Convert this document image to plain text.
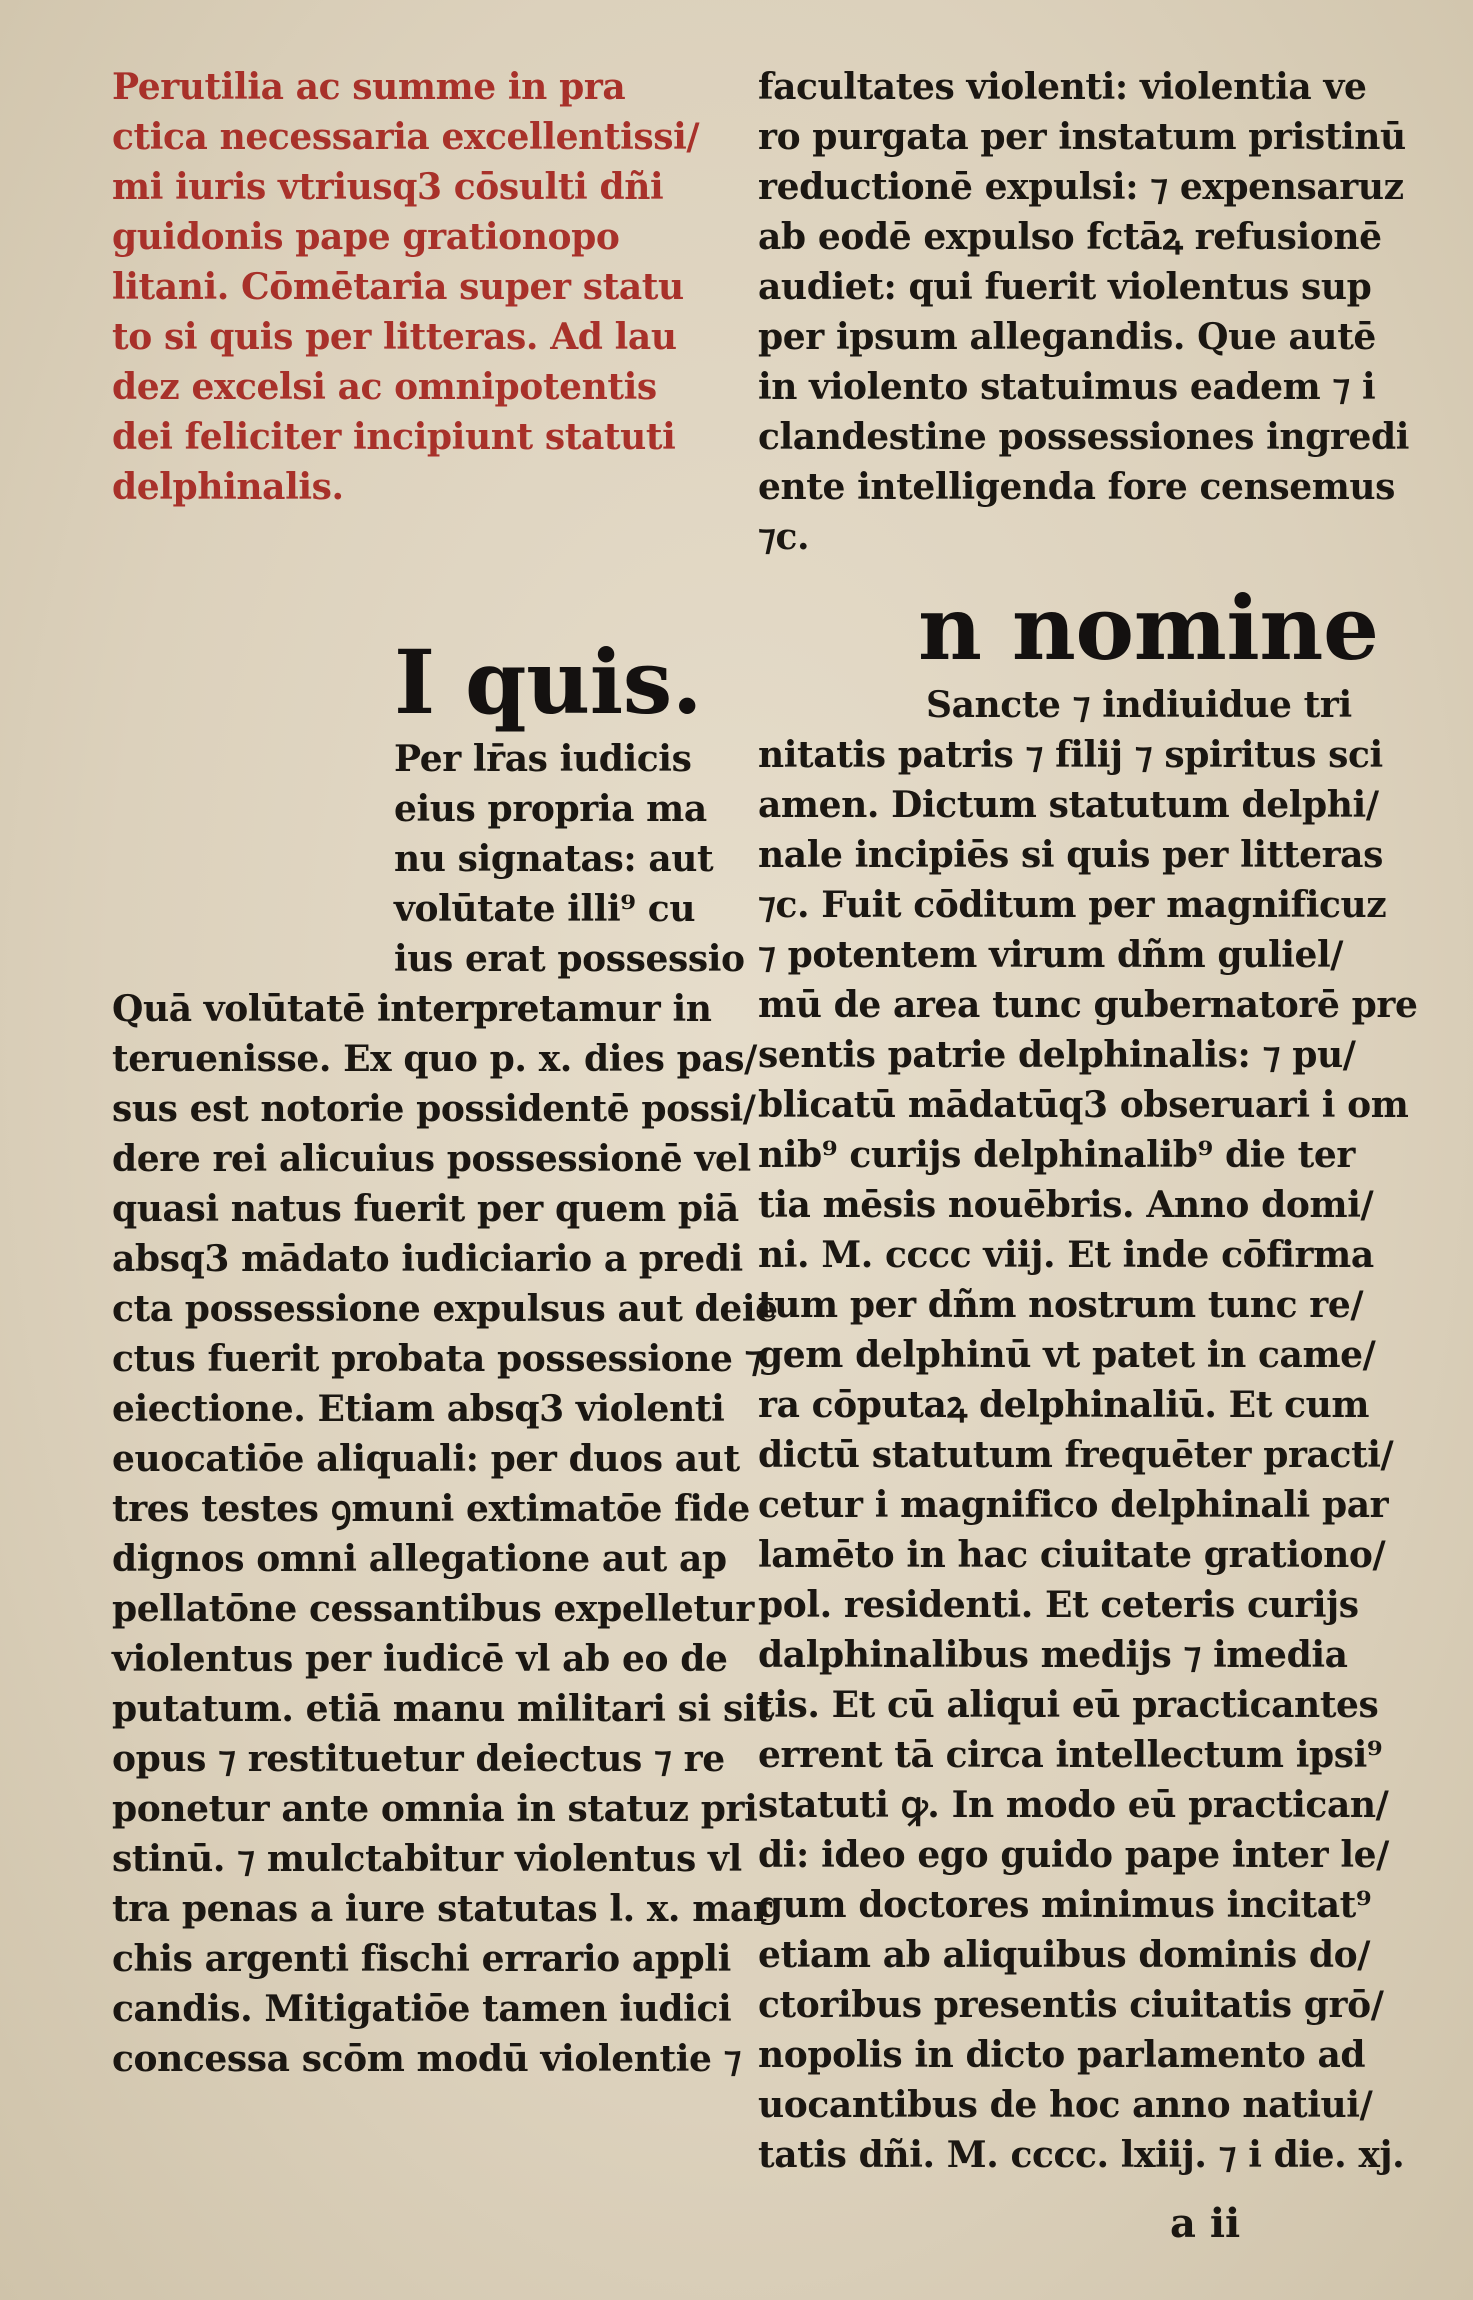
Perutilia ac summe in pra
ctica necessaria excellentissi/
mi iuris vtriusq3 cōsulti dñi
guidonis pape grationopo
litani. Cōmētaria super statu
to si quis per litteras. Ad lau
dez excelsi ac omnipotentis
dei feliciter incipiunt statuti
delphinalis.
I quis.
Per lr̄as iudicis
eius propria ma
nu signatas: aut
volūtate illi⁹ cu
ius erat possessio
Quā volūtatē interpretamur in
teruenisse. Ex quo p. x. dies pas/
sus est notorie possidentē possi/
dere rei alicuius possessionē vel
quasi natus fuerit per quem piā
absq3 mādato iudiciario a predi
cta possessione expulsus aut deie
ctus fuerit probata possessione ⁊
eiectione. Etiam absq3 violenti
euocatiōe aliquali: per duos aut
tres testes ꝯmuni extimatōe fide
dignos omni allegatione aut ap
pellatōne cessantibus expelletur
violentus per iudicē vl ab eo de
putatum. etiā manu militari si sit
opus ⁊ restituetur deiectus ⁊ re
ponetur ante omnia in statuz pri
stinū. ⁊ mulctabitur violentus vl
tra penas a iure statutas l. x. mar
chis argenti fischi errario appli
candis. Mitigatiōe tamen iudici
concessa scōm modū violentie ⁊
facultates violenti: violentia ve
ro purgata per instatum pristinū
reductionē expulsi: ⁊ expensaruz
ab eodē expulso fctāꝝ refusionē
audiet: qui fuerit violentus sup
per ipsum allegandis. Que autē
in violento statuimus eadem ⁊ i
clandestine possessiones ingredi
ente intelligenda fore censemus
⁊c.
n nomine
Sancte ⁊ indiuidue tri
nitatis patris ⁊ filij ⁊ spiritus sci
amen. Dictum statutum delphi/
nale incipiēs si quis per litteras
⁊c. Fuit cōditum per magnificuz
⁊ potentem virum dñm guliel/
mū de area tunc gubernatorē pre
sentis patrie delphinalis: ⁊ pu/
blicatū mādatūq3 obseruari i om
nib⁹ curijs delphinalib⁹ die ter
tia mēsis nouēbris. Anno domi/
ni. M. cccc viij. Et inde cōfirma
tum per dñm nostrum tunc re/
gem delphinū vt patet in came/
ra cōputaꝝ delphinaliū. Et cum
dictū statutum frequēter practi/
cetur i magnifico delphinali par
lamēto in hac ciuitate grationo/
pol. residenti. Et ceteris curijs
dalphinalibus medijs ⁊ imedia
tis. Et cū aliqui eū practicantes
errent tā circa intellectum ipsi⁹
statuti ꝙ. In modo eū practican/
di: ideo ego guido pape inter le/
gum doctores minimus incitat⁹
etiam ab aliquibus dominis do/
ctoribus presentis ciuitatis grō/
nopolis in dicto parlamento ad
uocantibus de hoc anno natiui/
tatis dñi. M. cccc. lxiij. ⁊ i die. xj.
a ii
